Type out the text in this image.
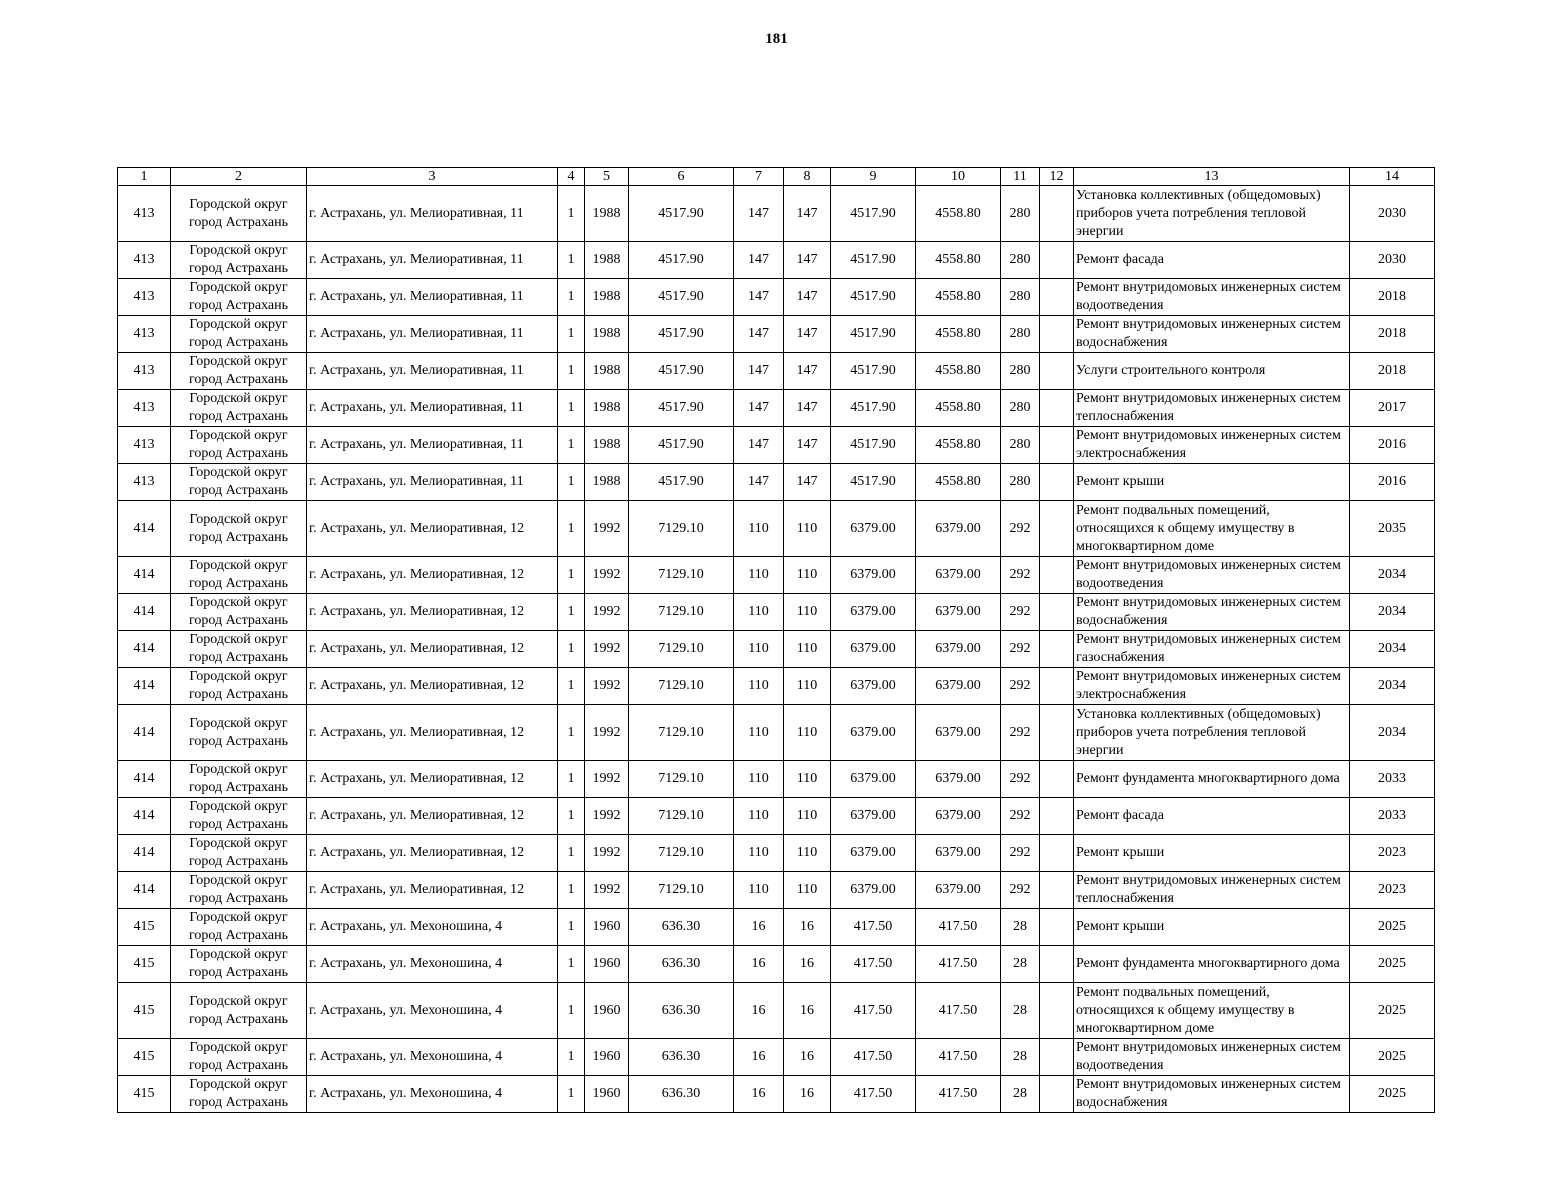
181
1	2	3	4	5	6	7	8	9	10	11	12	13	14
413	Городской округ город Астрахань	г. Астрахань, ул. Мелиоративная, 11	1	1988	4517.90	147	147	4517.90	4558.80	280		Установка коллективных (общедомовых) приборов учета потребления тепловой энергии	2030
413	Городской округ город Астрахань	г. Астрахань, ул. Мелиоративная, 11	1	1988	4517.90	147	147	4517.90	4558.80	280		Ремонт фасада	2030
413	Городской округ город Астрахань	г. Астрахань, ул. Мелиоративная, 11	1	1988	4517.90	147	147	4517.90	4558.80	280		Ремонт внутридомовых инженерных систем водоотведения	2018
413	Городской округ город Астрахань	г. Астрахань, ул. Мелиоративная, 11	1	1988	4517.90	147	147	4517.90	4558.80	280		Ремонт внутридомовых инженерных систем водоснабжения	2018
413	Городской округ город Астрахань	г. Астрахань, ул. Мелиоративная, 11	1	1988	4517.90	147	147	4517.90	4558.80	280		Услуги строительного контроля	2018
413	Городской округ город Астрахань	г. Астрахань, ул. Мелиоративная, 11	1	1988	4517.90	147	147	4517.90	4558.80	280		Ремонт внутридомовых инженерных систем теплоснабжения	2017
413	Городской округ город Астрахань	г. Астрахань, ул. Мелиоративная, 11	1	1988	4517.90	147	147	4517.90	4558.80	280		Ремонт внутридомовых инженерных систем электроснабжения	2016
413	Городской округ город Астрахань	г. Астрахань, ул. Мелиоративная, 11	1	1988	4517.90	147	147	4517.90	4558.80	280		Ремонт крыши	2016
414	Городской округ город Астрахань	г. Астрахань, ул. Мелиоративная, 12	1	1992	7129.10	110	110	6379.00	6379.00	292		Ремонт подвальных помещений, относящихся к общему имуществу в многоквартирном доме	2035
414	Городской округ город Астрахань	г. Астрахань, ул. Мелиоративная, 12	1	1992	7129.10	110	110	6379.00	6379.00	292		Ремонт внутридомовых инженерных систем водоотведения	2034
414	Городской округ город Астрахань	г. Астрахань, ул. Мелиоративная, 12	1	1992	7129.10	110	110	6379.00	6379.00	292		Ремонт внутридомовых инженерных систем водоснабжения	2034
414	Городской округ город Астрахань	г. Астрахань, ул. Мелиоративная, 12	1	1992	7129.10	110	110	6379.00	6379.00	292		Ремонт внутридомовых инженерных систем газоснабжения	2034
414	Городской округ город Астрахань	г. Астрахань, ул. Мелиоративная, 12	1	1992	7129.10	110	110	6379.00	6379.00	292		Ремонт внутридомовых инженерных систем электроснабжения	2034
414	Городской округ город Астрахань	г. Астрахань, ул. Мелиоративная, 12	1	1992	7129.10	110	110	6379.00	6379.00	292		Установка коллективных (общедомовых) приборов учета потребления тепловой энергии	2034
414	Городской округ город Астрахань	г. Астрахань, ул. Мелиоративная, 12	1	1992	7129.10	110	110	6379.00	6379.00	292		Ремонт фундамента многоквартирного дома	2033
414	Городской округ город Астрахань	г. Астрахань, ул. Мелиоративная, 12	1	1992	7129.10	110	110	6379.00	6379.00	292		Ремонт фасада	2033
414	Городской округ город Астрахань	г. Астрахань, ул. Мелиоративная, 12	1	1992	7129.10	110	110	6379.00	6379.00	292		Ремонт крыши	2023
414	Городской округ город Астрахань	г. Астрахань, ул. Мелиоративная, 12	1	1992	7129.10	110	110	6379.00	6379.00	292		Ремонт внутридомовых инженерных систем теплоснабжения	2023
415	Городской округ город Астрахань	г. Астрахань, ул. Мехоношина, 4	1	1960	636.30	16	16	417.50	417.50	28		Ремонт крыши	2025
415	Городской округ город Астрахань	г. Астрахань, ул. Мехоношина, 4	1	1960	636.30	16	16	417.50	417.50	28		Ремонт фундамента многоквартирного дома	2025
415	Городской округ город Астрахань	г. Астрахань, ул. Мехоношина, 4	1	1960	636.30	16	16	417.50	417.50	28		Ремонт подвальных помещений, относящихся к общему имуществу в многоквартирном доме	2025
415	Городской округ город Астрахань	г. Астрахань, ул. Мехоношина, 4	1	1960	636.30	16	16	417.50	417.50	28		Ремонт внутридомовых инженерных систем водоотведения	2025
415	Городской округ город Астрахань	г. Астрахань, ул. Мехоношина, 4	1	1960	636.30	16	16	417.50	417.50	28		Ремонт внутридомовых инженерных систем водоснабжения	2025
